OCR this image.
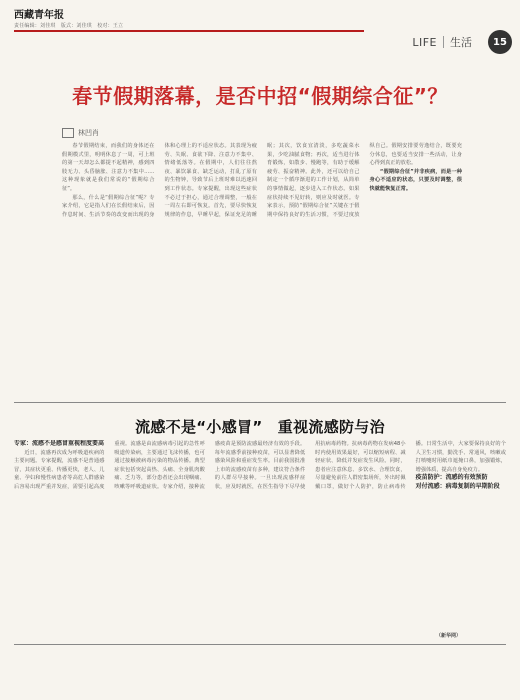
西藏青年报
责任编辑：刘佳琪　版式：刘佳琪　校对：王立
LIFE 生活	15
春节假期落幕，是否中招“假期综合征”？
林凹肖

春节假期结束，而我们的身体还在假期模式里，明明休息了一周，可上班的第一天却怎么都提不起精神，感到四肢无力、头昏脑胀、注意力不集中……这种现象就是我们常说的“假期综合征”。

那么，什么是“假期综合征”呢？专家介绍，它是指人们在长假结束后，因作息时间、生活节奏的改变而出现的身体和心理上的不适应状态。其表现为疲劳、失眠、食欲下降、注意力不集中、情绪低落等。在假期中，人们往往熬夜、暴饮暴食、缺乏运动，打乱了原有的生物钟，导致节后上班时难以迅速回到工作状态。专家提醒，出现这些症状不必过于担心，通过合理调整，一般在一周左右即可恢复。首先，要尽快恢复规律的作息，早睡早起，保证充足的睡眠；其次，饮食宜清淡，多吃蔬菜水果，少吃油腻食物；再次，适当进行体育锻炼，如散步、慢跑等，有助于缓解疲劳、振奋精神。此外，还可以给自己制定一个循序渐进的工作计划，从简单的事情做起，逐步进入工作状态。如果症状持续不见好转，则应及时就医。专家表示，预防“假期综合征”关键在于假期中保持良好的生活习惯，不要过度放纵自己。假期安排要劳逸结合，既要充分休息，也要适当安排一些活动，让身心得到真正的放松。

“假期综合征”并非疾病，而是一种身心不适应的状态，只要及时调整，很快就能恢复正常。

流感不是“小感冒”　重视流感防与治

专家：流感不是感冒重视程度要高

近日，流感再次成为呼吸道疾病的主要问题。专家提醒，流感不是普通感冒，其症状更重、传播更快，老人、儿童、孕妇和慢性病患者等高危人群感染后容易出现严重并发症，需要引起高度重视。流感是由流感病毒引起的急性呼吸道传染病，主要通过飞沫传播，也可通过接触被病毒污染的物品传播。典型症状包括突起高热、头痛、全身肌肉酸痛、乏力等，部分患者还会出现咽痛、咳嗽等呼吸道症状。专家介绍，接种流感疫苗是预防流感最经济有效的手段。每年流感季前接种疫苗，可以显著降低感染风险和重症发生率。目前我国批准上市的流感疫苗有多种，建议符合条件的人群尽早接种。一旦出现流感样症状，应及时就医，在医生指导下尽早使用抗病毒药物。抗病毒药物在发病48小时内使用效果最好，可以缩短病程、减轻症状、降低并发症发生风险。同时，患者应注意休息、多饮水、合理饮食，尽量避免前往人群密集场所，外出时佩戴口罩，做好个人防护，防止病毒传播。日常生活中，大家要保持良好的个人卫生习惯，勤洗手、常通风，咳嗽或打喷嚏时用纸巾遮掩口鼻，加强锻炼，增强体质，提高自身免疫力。

疫苗防护：流感的有效预防

对付流感：病毒复制的早期阶段

（新华网）
